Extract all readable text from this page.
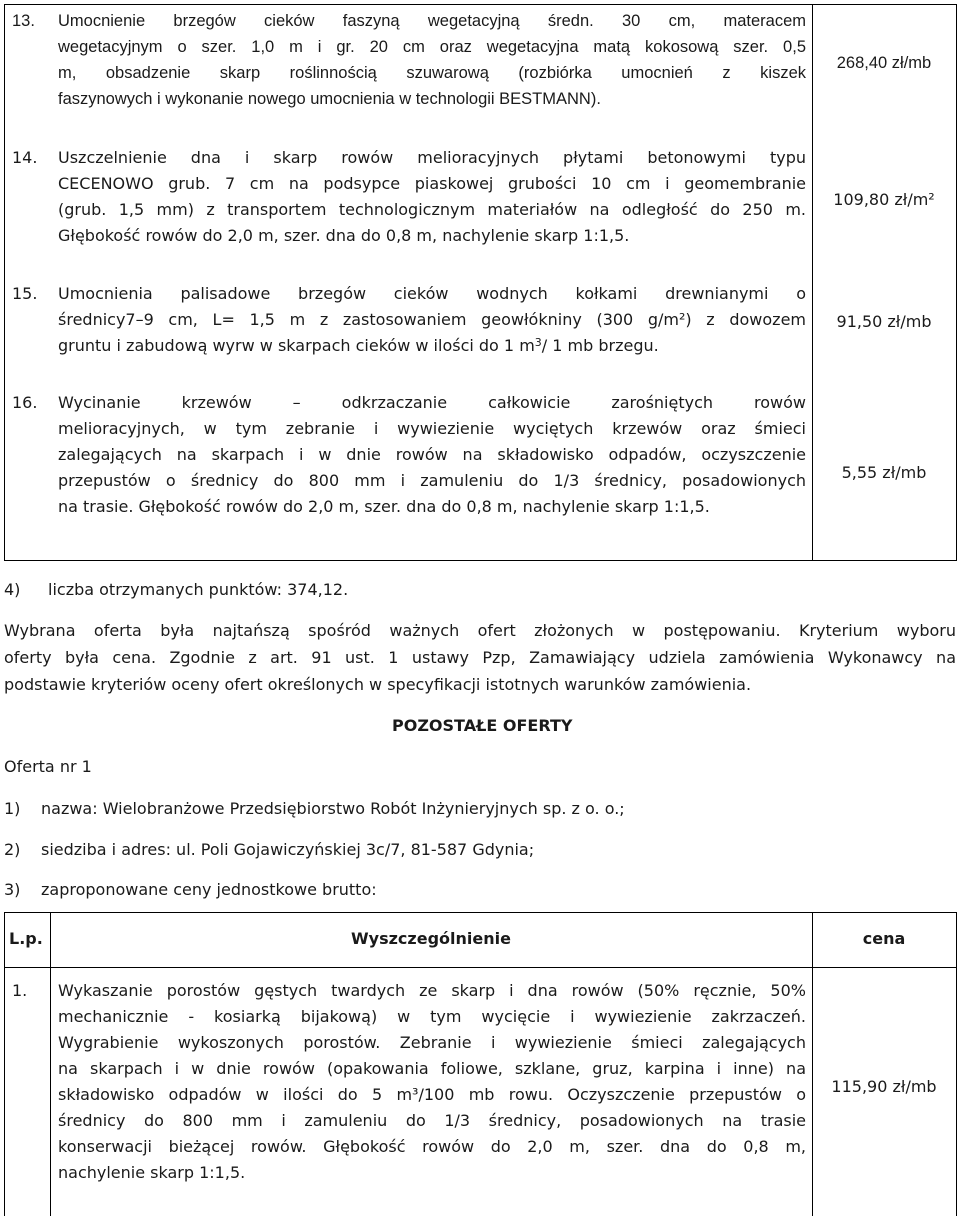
13. Umocnienie brzegów cieków faszyną wegetacyjną średn. 30 cm, materacem
wegetacyjnym o szer. 1,0 m i gr. 20 cm oraz wegetacyjna matą kokosową szer. 0,5
m, obsadzenie skarp roślinnością szuwarową (rozbiórka umocnień z kiszek
faszynowych i wykonanie nowego umocnienia w technologii BESTMANN).
268,40 zł/mb
14. Uszczelnienie dna i skarp rowów melioracyjnych płytami betonowymi typu
CECENOWO grub. 7 cm na podsypce piaskowej grubości 10 cm i geomembranie
(grub. 1,5 mm) z transportem technologicznym materiałów na odległość do 250 m.
Głębokość rowów do 2,0 m, szer. dna do 0,8 m, nachylenie skarp 1:1,5.
109,80 zł/m²
15. Umocnienia palisadowe brzegów cieków wodnych kołkami drewnianymi o
średnicy7–9 cm, L= 1,5 m z zastosowaniem geowłókniny (300 g/m²) z dowozem
gruntu i zabudową wyrw w skarpach cieków w ilości do 1 $m^3/$ 1 mb brzegu.
91,50 zł/mb
16. Wycinanie krzewów – odkrzaczanie całkowicie zarośniętych rowów
melioracyjnych, w tym zebranie i wywiezienie wyciętych krzewów oraz śmieci
zalegających na skarpach i w dnie rowów na składowisko odpadów, oczyszczenie
przepustów o średnicy do 800 mm i zamuleniu do 1/3 średnicy, posadowionych
na trasie. Głębokość rowów do 2,0 m, szer. dna do 0,8 m, nachylenie skarp 1:1,5.
5,55 zł/mb
4) liczba otrzymanych punktów: 374,12.
Wybrana oferta była najtańszą spośród ważnych ofert złożonych w postępowaniu. Kryterium wyboru
oferty była cena. Zgodnie z art. 91 ust. 1 ustawy Pzp, Zamawiający udziela zamówienia Wykonawcy na
podstawie kryteriów oceny ofert określonych w specyfikacji istotnych warunków zamówienia.
POZOSTAŁE OFERTY
Oferta nr 1
1) nazwa: Wielobranżowe Przedsiębiorstwo Robót Inżynieryjnych sp. z o. o.;
2) siedziba i adres: ul. Poli Gojawiczyńskiej 3c/7, 81-587 Gdynia;
3) zaproponowane ceny jednostkowe brutto:
L.p.	Wyszczególnienie	cena
1. Wykaszanie porostów gęstych twardych ze skarp i dna rowów (50% ręcznie, 50%
mechanicznie - kosiarką bijakową) w tym wycięcie i wywiezienie zakrzaczeń.
Wygrabienie wykoszonych porostów. Zebranie i wywiezienie śmieci zalegających
na skarpach i w dnie rowów (opakowania foliowe, szklane, gruz, karpina i inne) na
składowisko odpadów w ilości do 5 m³/100 mb rowu. Oczyszczenie przepustów o
średnicy do 800 mm i zamuleniu do 1/3 średnicy, posadowionych na trasie
konserwacji bieżącej rowów. Głębokość rowów do 2,0 m, szer. dna do 0,8 m,
nachylenie skarp 1:1,5.
115,90 zł/mb
